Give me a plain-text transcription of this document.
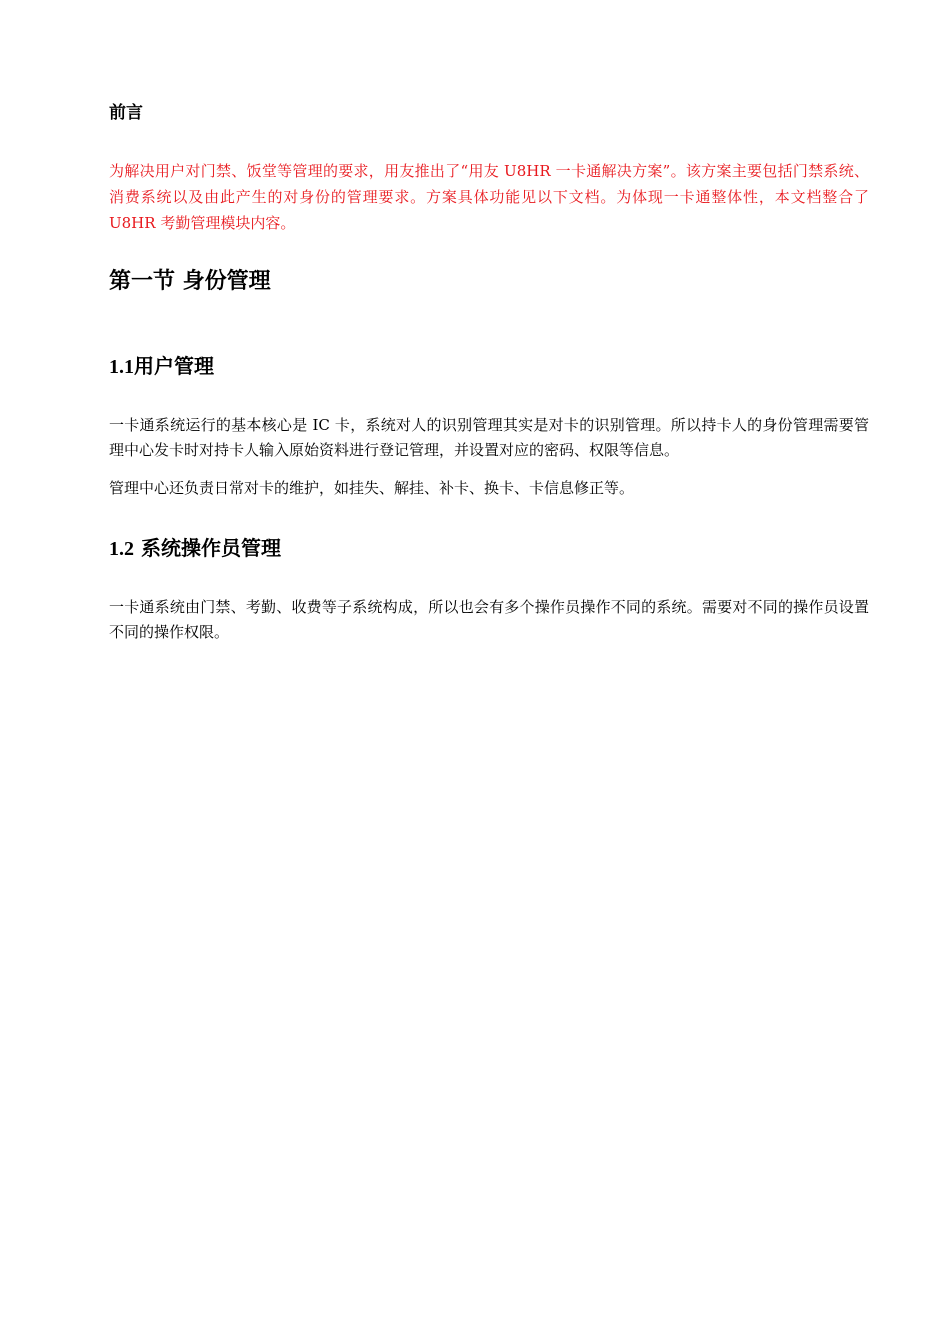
前言

为解决用户对门禁、饭堂等管理的要求，用友推出了“用友 U8HR 一卡通解决方案”。该方案主要包括门禁系统、消费系统以及由此产生的对身份的管理要求。方案具体功能见以下文档。为体现一卡通整体性，本文档整合了 U8HR 考勤管理模块内容。

第一节 身份管理
1.1用户管理

一卡通系统运行的基本核心是 IC 卡，系统对人的识别管理其实是对卡的识别管理。所以持卡人的身份管理需要管理中心发卡时对持卡人输入原始资料进行登记管理，并设置对应的密码、权限等信息。

管理中心还负责日常对卡的维护，如挂失、解挂、补卡、换卡、卡信息修正等。

1.2 系统操作员管理

一卡通系统由门禁、考勤、收费等子系统构成，所以也会有多个操作员操作不同的系统。需要对不同的操作员设置不同的操作权限。
